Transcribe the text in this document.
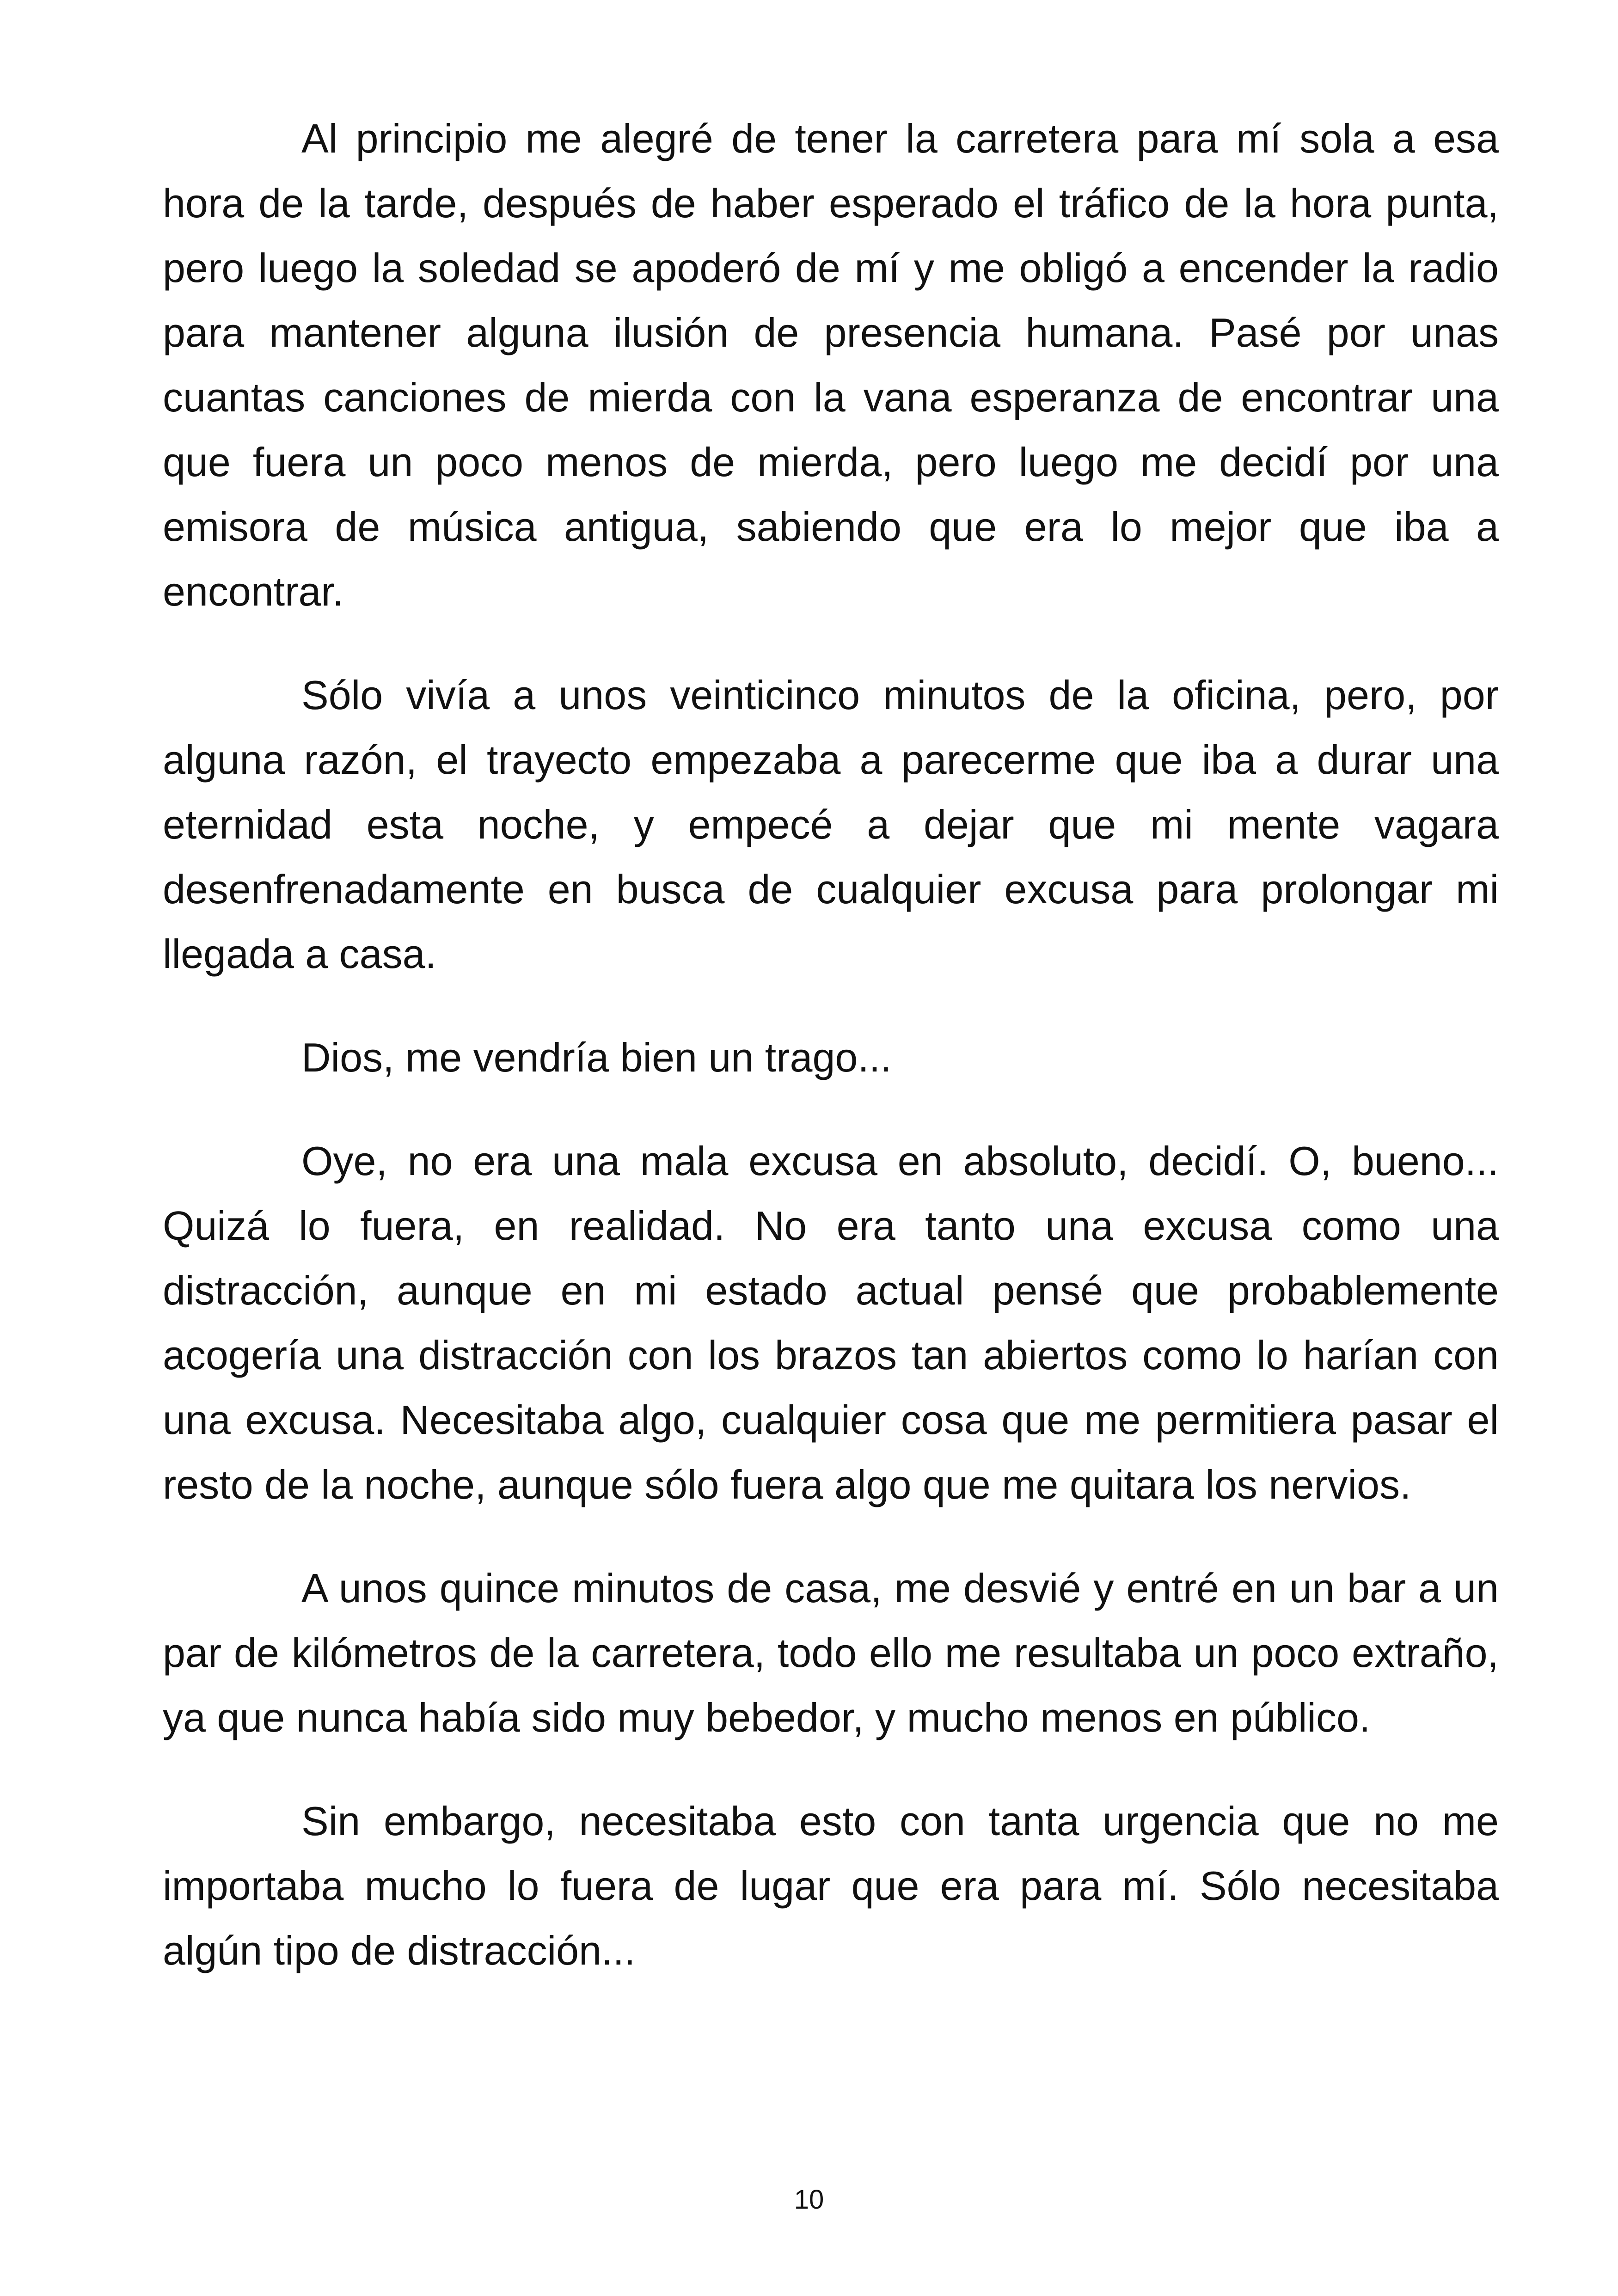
Al principio me alegré de tener la carretera para mí sola a esa hora de la tarde, después de haber esperado el tráfico de la hora punta, pero luego la soledad se apoderó de mí y me obligó a encender la radio para mantener alguna ilusión de presencia humana. Pasé por unas cuantas canciones de mierda con la vana esperanza de encontrar una que fuera un poco menos de mierda, pero luego me decidí por una emisora de música antigua, sabiendo que era lo mejor que iba a encontrar.

Sólo vivía a unos veinticinco minutos de la oficina, pero, por alguna razón, el trayecto empezaba a parecerme que iba a durar una eternidad esta noche, y empecé a dejar que mi mente vagara desenfrenadamente en busca de cualquier excusa para prolongar mi llegada a casa.

Dios, me vendría bien un trago...

Oye, no era una mala excusa en absoluto, decidí. O, bueno... Quizá lo fuera, en realidad. No era tanto una excusa como una distracción, aunque en mi estado actual pensé que probablemente acogería una distracción con los brazos tan abiertos como lo harían con una excusa. Necesitaba algo, cualquier cosa que me permitiera pasar el resto de la noche, aunque sólo fuera algo que me quitara los nervios.

A unos quince minutos de casa, me desvié y entré en un bar a un par de kilómetros de la carretera, todo ello me resultaba un poco extraño, ya que nunca había sido muy bebedor, y mucho menos en público.

Sin embargo, necesitaba esto con tanta urgencia que no me importaba mucho lo fuera de lugar que era para mí. Sólo necesitaba algún tipo de distracción...

10
